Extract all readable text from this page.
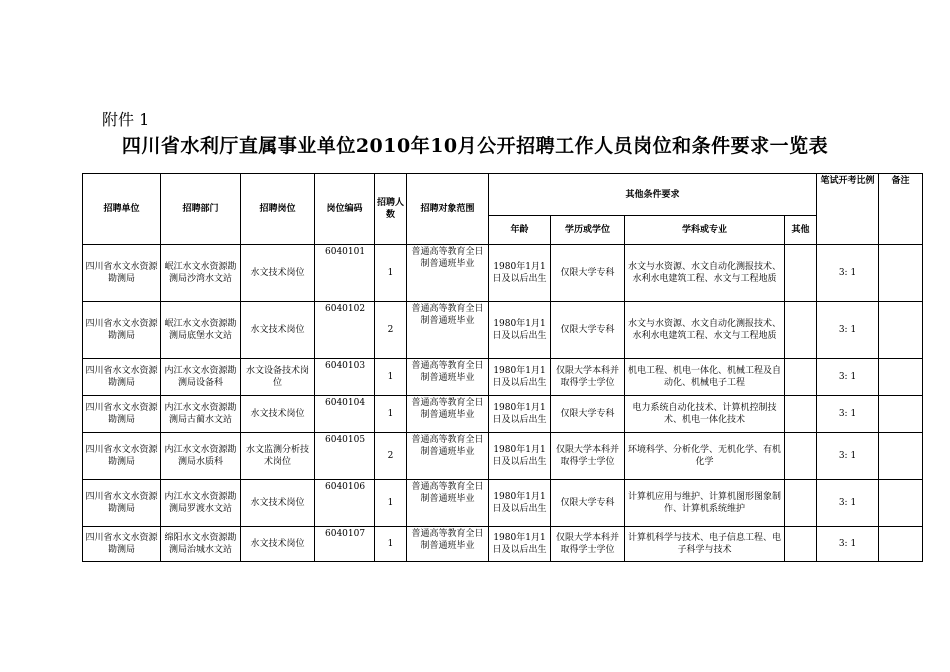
附件 1
四川省水利厅直属事业单位2010年10月公开招聘工作人员岗位和条件要求一览表
招聘单位	招聘部门	招聘岗位	岗位编码	招聘人数	招聘对象范围	其他条件要求				笔试开考比例	备注
						年龄	学历或学位	学科或专业	其他		
四川省水文水资源勘测局	岷江水文水资源勘测局沙湾水文站	水文技术岗位	6040101	1	普通高等教育全日制普通班毕业	1980年1月1日及以后出生	仅限大学专科	水文与水资源、水文自动化测报技术、水利水电建筑工程、水文与工程地质		3: 1	
四川省水文水资源勘测局	岷江水文水资源勘测局底堡水文站	水文技术岗位	6040102	2	普通高等教育全日制普通班毕业	1980年1月1日及以后出生	仅限大学专科	水文与水资源、水文自动化测报技术、水利水电建筑工程、水文与工程地质		3: 1	
四川省水文水资源勘测局	内江水文水资源勘测局设备科	水文设备技术岗位	6040103	1	普通高等教育全日制普通班毕业	1980年1月1日及以后出生	仅限大学本科并取得学士学位	机电工程、机电一体化、机械工程及自动化、机械电子工程		3: 1	
四川省水文水资源勘测局	内江水文水资源勘测局古蔺水文站	水文技术岗位	6040104	1	普通高等教育全日制普通班毕业	1980年1月1日及以后出生	仅限大学专科	电力系统自动化技术、计算机控制技术、机电一体化技术		3: 1	
四川省水文水资源勘测局	内江水文水资源勘测局水质科	水文监测分析技术岗位	6040105	2	普通高等教育全日制普通班毕业	1980年1月1日及以后出生	仅限大学本科并取得学士学位	环境科学、分析化学、无机化学、有机化学		3: 1	
四川省水文水资源勘测局	内江水文水资源勘测局罗渡水文站	水文技术岗位	6040106	1	普通高等教育全日制普通班毕业	1980年1月1日及以后出生	仅限大学专科	计算机应用与维护、计算机图形图象制作、计算机系统维护		3: 1	
四川省水文水资源勘测局	绵阳水文水资源勘测局治城水文站	水文技术岗位	6040107	1	普通高等教育全日制普通班毕业	1980年1月1日及以后出生	仅限大学本科并取得学士学位	计算机科学与技术、电子信息工程、电子科学与技术		3: 1	
